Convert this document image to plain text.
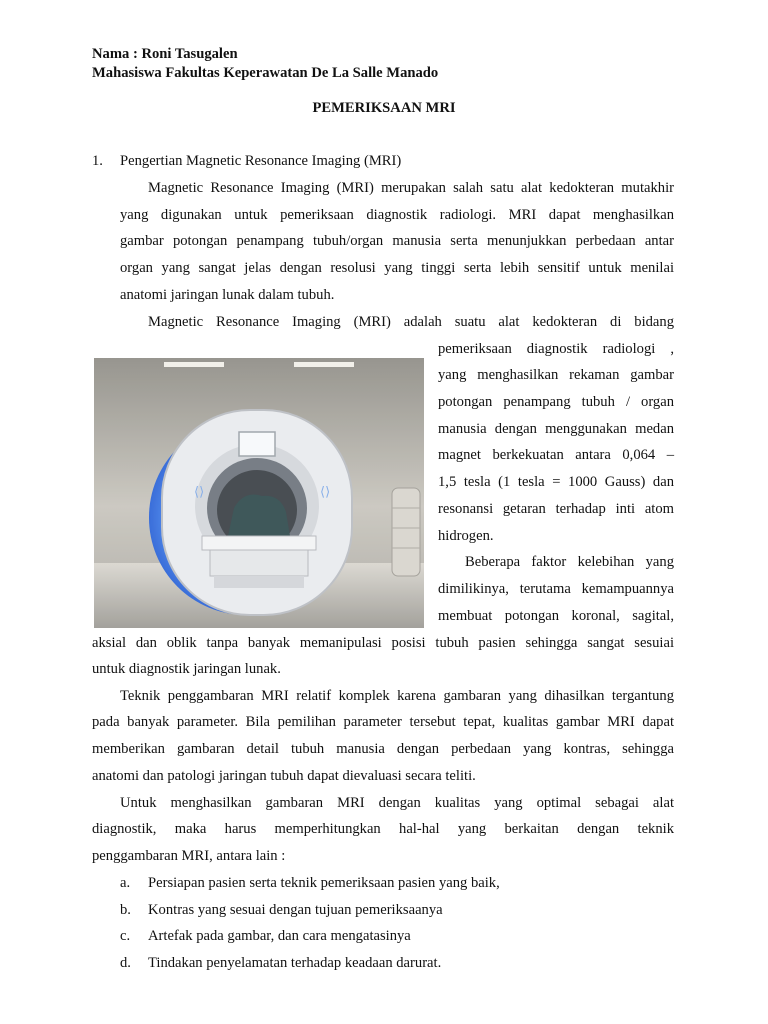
Nama : Roni Tasugalen
Mahasiswa Fakultas Keperawatan De La Salle Manado
PEMERIKSAAN MRI
1. Pengertian Magnetic Resonance Imaging (MRI)
Magnetic Resonance Imaging (MRI) merupakan salah satu alat kedokteran mutakhir
yang digunakan untuk pemeriksaan diagnostik radiologi. MRI dapat menghasilkan
gambar potongan penampang tubuh/organ manusia serta menunjukkan perbedaan antar
organ yang sangat jelas dengan resolusi yang tinggi serta lebih sensitif untuk menilai
anatomi jaringan lunak dalam tubuh.
Magnetic Resonance Imaging (MRI) adalah suatu alat kedokteran di bidang
pemeriksaan diagnostik radiologi ,
yang menghasilkan rekaman gambar
potongan penampang tubuh / organ
manusia dengan menggunakan medan
magnet berkekuatan antara 0,064 –
1,5 tesla (1 tesla = 1000 Gauss) dan
resonansi getaran terhadap inti atom
hidrogen.
Beberapa faktor kelebihan yang
dimilikinya, terutama kemampuannya
membuat potongan koronal, sagital,
aksial dan oblik tanpa banyak memanipulasi posisi tubuh pasien sehingga sangat sesuiai
untuk diagnostik jaringan lunak.
Teknik penggambaran MRI relatif komplek karena gambaran yang dihasilkan tergantung
pada banyak parameter. Bila pemilihan parameter tersebut tepat, kualitas gambar MRI dapat
memberikan gambaran detail tubuh manusia dengan perbedaan yang kontras, sehingga
anatomi dan patologi jaringan tubuh dapat dievaluasi secara teliti.
Untuk menghasilkan gambaran MRI dengan kualitas yang optimal sebagai alat
diagnostik, maka harus memperhitungkan hal-hal yang berkaitan dengan teknik
penggambaran MRI, antara lain :
a. Persiapan pasien serta teknik pemeriksaan pasien yang baik,
b. Kontras yang sesuai dengan tujuan pemeriksaanya
c. Artefak pada gambar, dan cara mengatasinya
d. Tindakan penyelamatan terhadap keadaan darurat.
⟨⟩	⟨⟩
